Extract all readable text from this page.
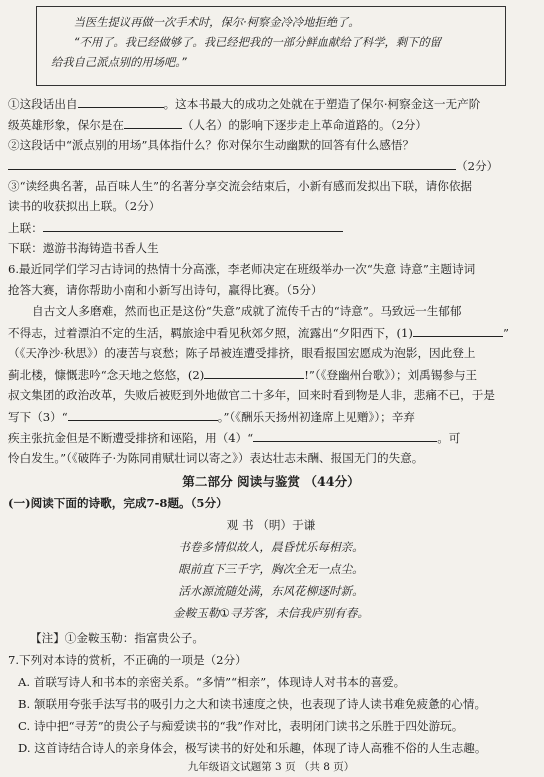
当医生提议再做一次手术时，保尔·柯察金冷冷地拒绝了。

“不用了。我已经做够了。我已经把我的一部分鲜血献给了科学，剩下的留

给我自己派点别的用场吧。”

①这段话出自	。这本书最大的成功之处就在于塑造了保尔·柯察金这一无产阶
级英雄形象，保尔是在	（人名）的影响下逐步走上革命道路的。（2分）
②这段话中“派点别的用场”具体指什么？你对保尔生动幽默的回答有什么感悟？
（2分）
③“读经典名著，品百味人生”的名著分享交流会结束后，小新有感而发拟出下联，请你依据
读书的收获拟出上联。（2分）
上联：
下联：遨游书海铸造书香人生
6.最近同学们学习古诗词的热情十分高涨，李老师决定在班级举办一次“失意 诗意”主题诗词
抢答大赛，请你帮助小南和小新写出诗句，赢得比赛。（5分）
自古文人多磨难，然而也正是这份“失意”成就了流传千古的“诗意”。马致远一生郁郁
不得志，过着漂泊不定的生活，羁旅途中看见秋郊夕照，流露出“夕阳西下，(1)	”
（《天净沙·秋思》）的凄苦与哀愁；陈子昂被连遭受排挤，眼看报国宏愿成为泡影，因此登上
蓟北楼，慷慨悲吟“念天地之悠悠，(2)	!”（《登幽州台歌》）；刘禹锡参与王
叔文集团的政治改革，失败后被贬到外地做官二十多年，回来时看到物是人非，悲痛不已，于是
写下（3）“	。”（《酬乐天扬州初逢席上见赠》）；辛弃
疾主张抗金但是不断遭受排挤和诬陷，用（4）“	。可
怜白发生。”（《破阵子·为陈同甫赋壮词以寄之》）表达壮志未酬、报国无门的失意。
第二部分 阅读与鉴赏 （44分）
(一)阅读下面的诗歌，完成7-8题。（5分）
观 书 （明）于谦
书卷多情似故人，晨昏忧乐每相亲。
眼前直下三千字，胸次全无一点尘。
活水源流随处满，东风花柳逐时新。
金鞍玉勒①寻芳客，未信我庐别有春。
【注】①金鞍玉勒：指富贵公子。
7.下列对本诗的赏析，不正确的一项是（2分）
A. 首联写诗人和书本的亲密关系。“多情”“相亲”，体现诗人对书本的喜爱。
B. 颔联用夸张手法写书的吸引力之大和读书速度之快，也表现了诗人读书难免疲惫的心情。
C. 诗中把“寻芳”的贵公子与痴爱读书的“我”作对比，表明闭门读书之乐胜于四处游玩。
D. 这首诗结合诗人的亲身体会，极写读书的好处和乐趣，体现了诗人高雅不俗的人生志趣。
九年级语文试题第 3 页 （共 8 页）
